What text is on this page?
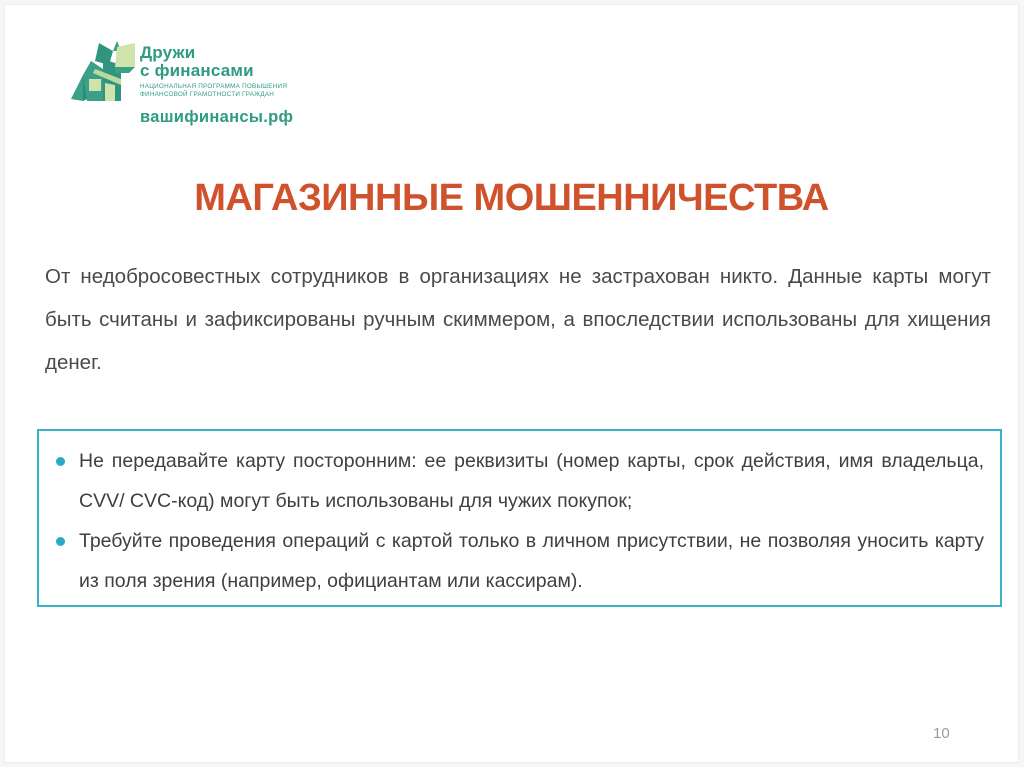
Дружи
с финансами
НАЦИОНАЛЬНАЯ ПРОГРАММА ПОВЫШЕНИЯ
ФИНАНСОВОЙ ГРАМОТНОСТИ ГРАЖДАН
вашифинансы.рф
МАГАЗИННЫЕ МОШЕННИЧЕСТВА
От недобросовестных сотрудников в организациях не застрахован никто. Данные карты могут быть считаны и зафиксированы ручным скиммером, а впоследствии использованы для хищения денег.
Не передавайте карту посторонним: ее реквизиты (номер карты, срок действия, имя владельца, CVV/ CVC-код) могут быть использованы для чужих покупок;
Требуйте проведения операций с картой только в личном присутствии, не позволяя уносить карту из поля зрения (например, официантам или кассирам).
10
